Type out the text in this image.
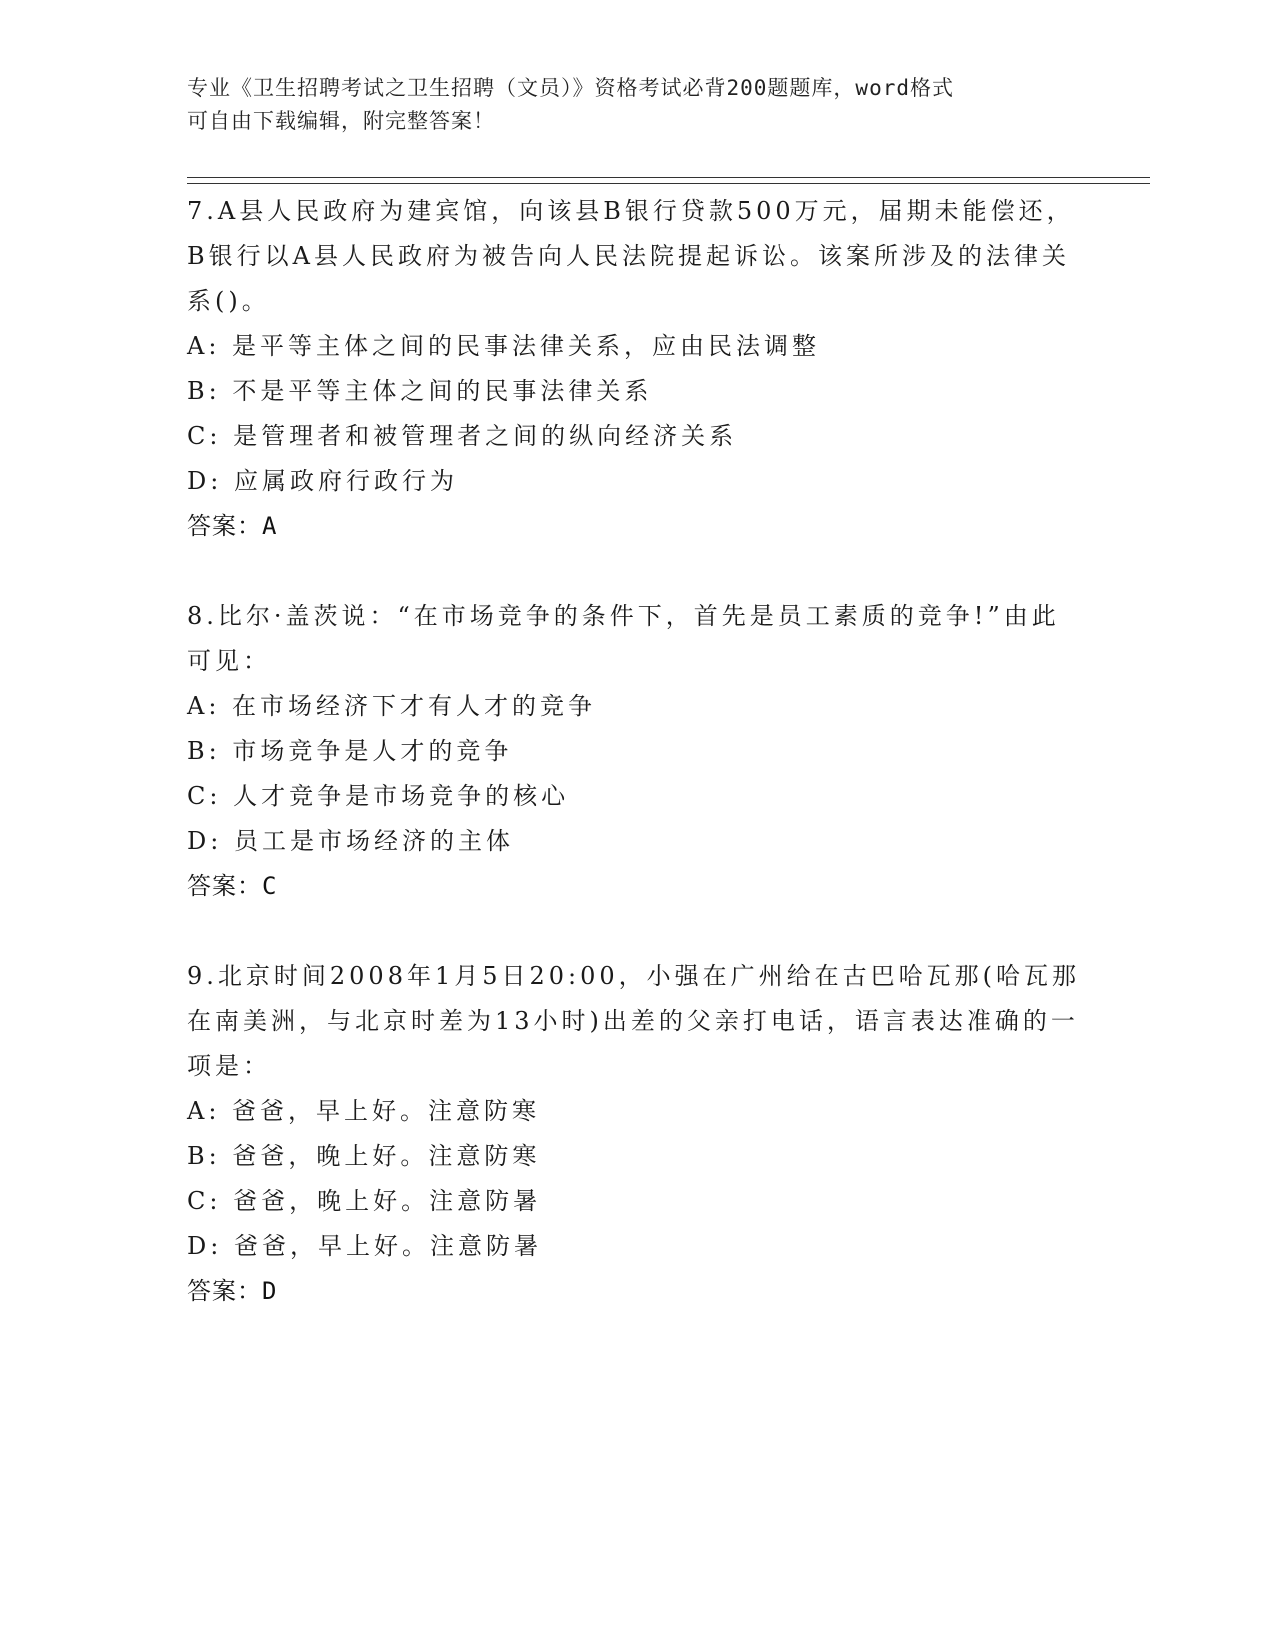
专业《卫生招聘考试之卫生招聘（文员）》资格考试必背200题题库，word格式
可自由下载编辑，附完整答案！

7.A县人民政府为建宾馆，向该县B银行贷款500万元，届期未能偿还，B银行以A县人民政府为被告向人民法院提起诉讼。该案所涉及的法律关系()。

A: 是平等主体之间的民事法律关系，应由民法调整

B: 不是平等主体之间的民事法律关系

C: 是管理者和被管理者之间的纵向经济关系

D: 应属政府行政行为

答案：A

8.比尔·盖茨说：“在市场竞争的条件下，首先是员工素质的竞争!”由此可见：

A: 在市场经济下才有人才的竞争

B: 市场竞争是人才的竞争

C: 人才竞争是市场竞争的核心

D: 员工是市场经济的主体

答案：C

9.北京时间2008年1月5日20:00，小强在广州给在古巴哈瓦那(哈瓦那在南美洲，与北京时差为13小时)出差的父亲打电话，语言表达准确的一项是：

A: 爸爸，早上好。注意防寒

B: 爸爸，晚上好。注意防寒

C: 爸爸，晚上好。注意防暑

D: 爸爸，早上好。注意防暑

答案：D
